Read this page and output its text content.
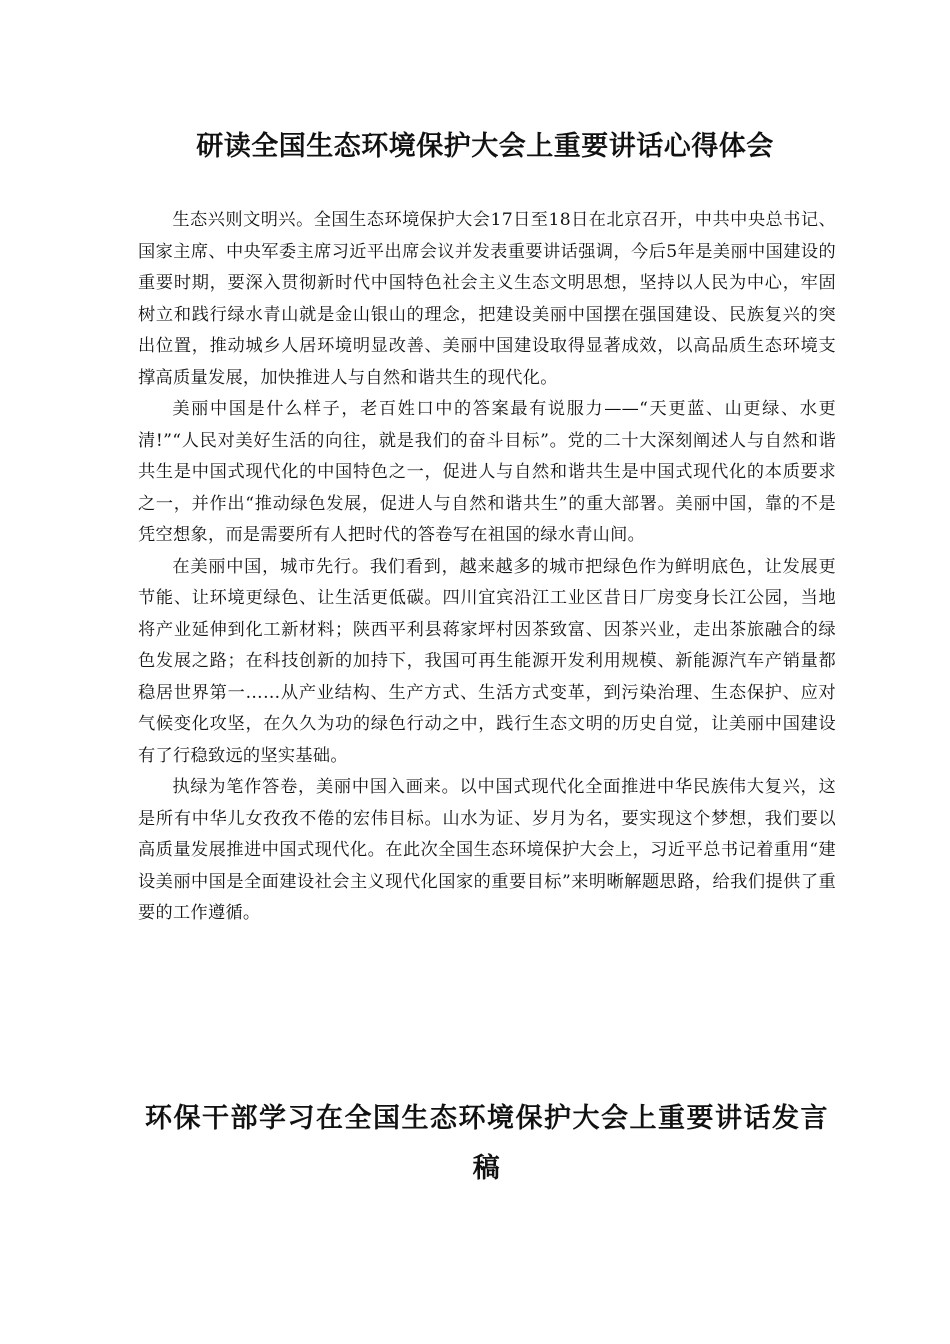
研读全国生态环境保护大会上重要讲话心得体会

生态兴则文明兴。全国生态环境保护大会17日至18日在北京召开，中共中央总书记、国家主席、中央军委主席习近平出席会议并发表重要讲话强调，今后5年是美丽中国建设的重要时期，要深入贯彻新时代中国特色社会主义生态文明思想，坚持以人民为中心，牢固树立和践行绿水青山就是金山银山的理念，把建设美丽中国摆在强国建设、民族复兴的突出位置，推动城乡人居环境明显改善、美丽中国建设取得显著成效，以高品质生态环境支撑高质量发展，加快推进人与自然和谐共生的现代化。

美丽中国是什么样子，老百姓口中的答案最有说服力——“天更蓝、山更绿、水更清!”“人民对美好生活的向往，就是我们的奋斗目标”。党的二十大深刻阐述人与自然和谐共生是中国式现代化的中国特色之一，促进人与自然和谐共生是中国式现代化的本质要求之一，并作出“推动绿色发展，促进人与自然和谐共生”的重大部署。美丽中国，靠的不是凭空想象，而是需要所有人把时代的答卷写在祖国的绿水青山间。

在美丽中国，城市先行。我们看到，越来越多的城市把绿色作为鲜明底色，让发展更节能、让环境更绿色、让生活更低碳。四川宜宾沿江工业区昔日厂房变身长江公园，当地将产业延伸到化工新材料；陕西平利县蒋家坪村因茶致富、因茶兴业，走出茶旅融合的绿色发展之路；在科技创新的加持下，我国可再生能源开发利用规模、新能源汽车产销量都稳居世界第一……从产业结构、生产方式、生活方式变革，到污染治理、生态保护、应对气候变化攻坚，在久久为功的绿色行动之中，践行生态文明的历史自觉，让美丽中国建设有了行稳致远的坚实基础。

执绿为笔作答卷，美丽中国入画来。以中国式现代化全面推进中华民族伟大复兴，这是所有中华儿女孜孜不倦的宏伟目标。山水为证、岁月为名，要实现这个梦想，我们要以高质量发展推进中国式现代化。在此次全国生态环境保护大会上，习近平总书记着重用“建设美丽中国是全面建设社会主义现代化国家的重要目标”来明晰解题思路，给我们提供了重要的工作遵循。

环保干部学习在全国生态环境保护大会上重要讲话发言稿
